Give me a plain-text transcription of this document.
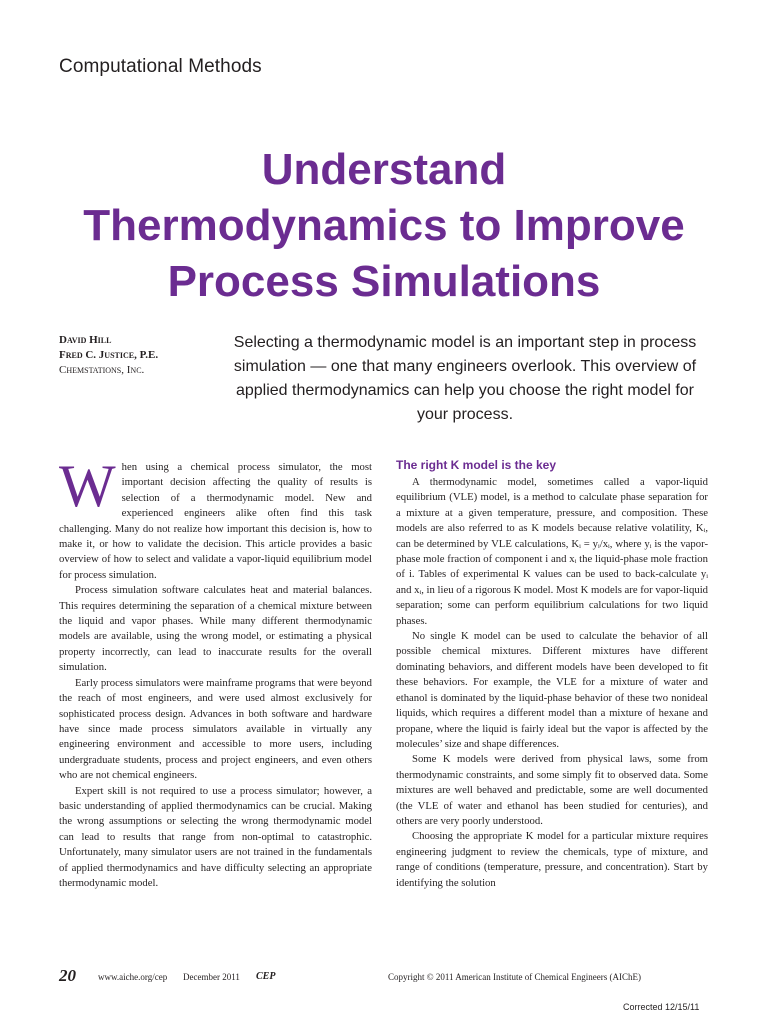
Computational Methods
Understand
Thermodynamics to Improve
Process Simulations
David Hill
Fred C. Justice, P.E.
Chemstations, Inc.
Selecting a thermodynamic model is an important step in process simulation — one that many engineers overlook. This overview of applied thermodynamics can help you choose the right model for your process.

When using a chemical process simulator, the most important decision affecting the quality of results is selection of a thermodynamic model. New and experienced engineers alike often find this task challenging. Many do not realize how important this decision is, how to make it, or how to validate the decision. This article provides a basic overview of how to select and validate a vapor-liquid equilibrium model for process simulation.

Process simulation software calculates heat and material balances. This requires determining the separation of a chemical mixture between the liquid and vapor phases. While many different thermodynamic models are available, using the wrong model, or estimating a physical property incorrectly, can lead to inaccurate results for the overall simulation.

Early process simulators were mainframe programs that were beyond the reach of most engineers, and were used almost exclusively for sophisticated process design. Advances in both software and hardware have since made process simulators available in virtually any engineering environment and accessible to more users, including undergraduate students, process and project engineers, and even others who are not chemical engineers.

Expert skill is not required to use a process simulator; however, a basic understanding of applied thermodynamics can be crucial. Making the wrong assumptions or selecting the wrong thermodynamic model can lead to results that range from non-optimal to catastrophic. Unfortunately, many simulator users are not trained in the fundamentals of applied thermodynamics and have difficulty selecting an appropriate thermodynamic model.

The right K model is the key

A thermodynamic model, sometimes called a vapor-liquid equilibrium (VLE) model, is a method to calculate phase separation for a mixture at a given temperature, pressure, and composition. These models are also referred to as K models because relative volatility, Kᵢ, can be determined by VLE calculations, Kᵢ = yᵢ/xᵢ, where yᵢ is the vapor-phase mole fraction of component i and xᵢ the liquid-phase mole fraction of i. Tables of experimental K values can be used to back-calculate yᵢ and xᵢ, in lieu of a rigorous K model. Most K models are for vapor-liquid separation; some can perform equilibrium calculations for two liquid phases.

No single K model can be used to calculate the behavior of all possible chemical mixtures. Different mixtures have different dominating behaviors, and different models have been developed to fit these behaviors. For example, the VLE for a mixture of water and ethanol is dominated by the liquid-phase behavior of these two nonideal liquids, which requires a different model than a mixture of hexane and propane, where the liquid is fairly ideal but the vapor is affected by the molecules’ size and shape differences.

Some K models were derived from physical laws, some from thermodynamic constraints, and some simply fit to observed data. Some mixtures are well behaved and predictable, some are well documented (the VLE of water and ethanol has been studied for centuries), and others are very poorly understood.

Choosing the appropriate K model for a particular mixture requires engineering judgment to review the chemicals, type of mixture, and range of conditions (temperature, pressure, and concentration). Start by identifying the solution

20 www.aiche.org/cep December 2011 CEP	Copyright © 2011 American Institute of Chemical Engineers (AIChE)
Corrected 12/15/11
